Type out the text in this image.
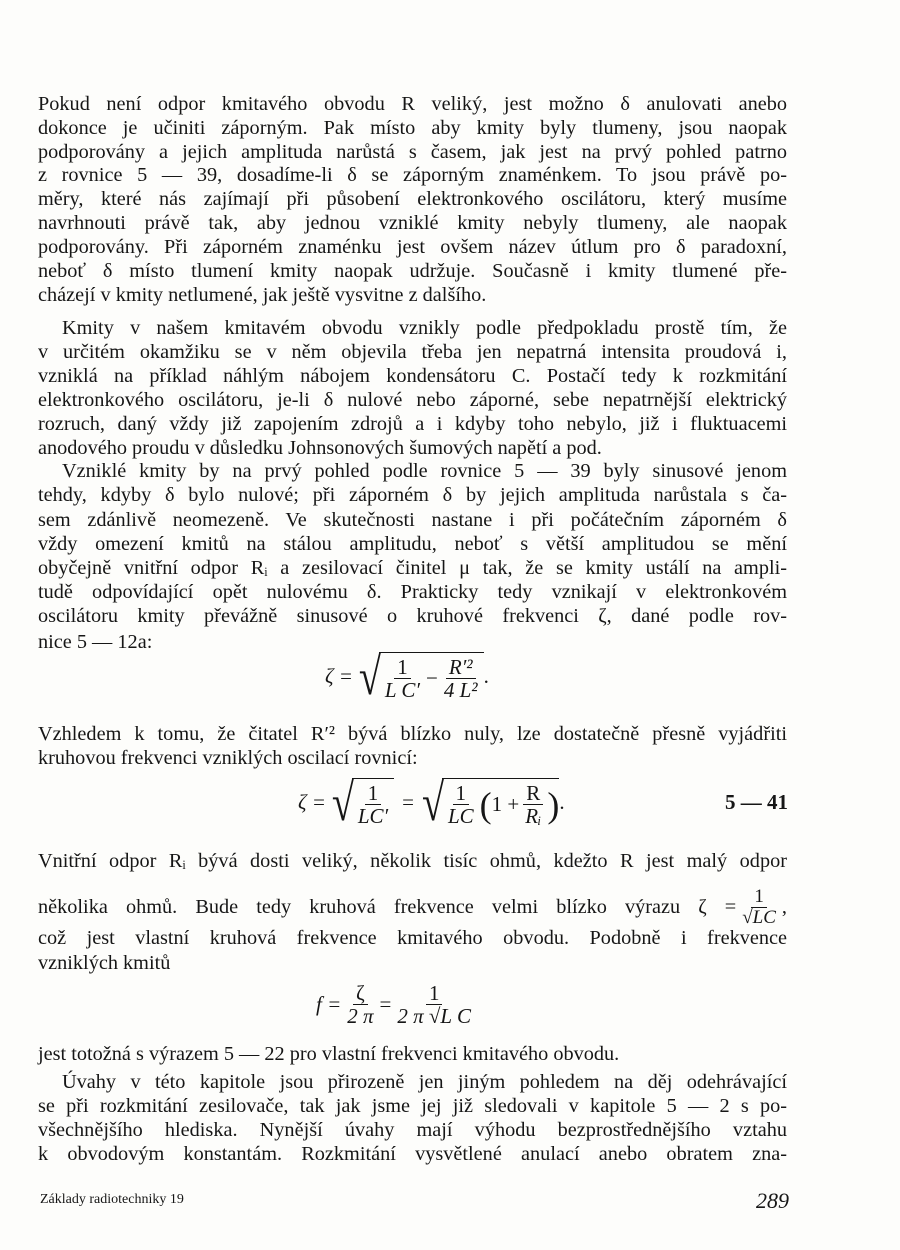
Pokud není odpor kmitavého obvodu R veliký, jest možno δ anulovati anebo
dokonce je učiniti záporným. Pak místo aby kmity byly tlumeny, jsou naopak
podporovány a jejich amplituda narůstá s časem, jak jest na prvý pohled patrno
z rovnice 5 — 39, dosadíme-li δ se záporným znaménkem. To jsou právě po-
měry, které nás zajímají při působení elektronkového oscilátoru, který musíme
navrhnouti právě tak, aby jednou vzniklé kmity nebyly tlumeny, ale naopak
podporovány. Při záporném znaménku jest ovšem název útlum pro δ paradoxní,
neboť δ místo tlumení kmity naopak udržuje. Současně i kmity tlumené pře-
cházejí v kmity netlumené, jak ještě vysvitne z dalšího.
Kmity v našem kmitavém obvodu vznikly podle předpokladu prostě tím, že
v určitém okamžiku se v něm objevila třeba jen nepatrná intensita proudová i,
vzniklá na příklad náhlým nábojem kondensátoru C. Postačí tedy k rozkmitání
elektronkového oscilátoru, je-li δ nulové nebo záporné, sebe nepatrnější elektrický
rozruch, daný vždy již zapojením zdrojů a i kdyby toho nebylo, již i fluktuacemi
anodového proudu v důsledku Johnsonových šumových napětí a pod.
Vzniklé kmity by na prvý pohled podle rovnice 5 — 39 byly sinusové jenom
tehdy, kdyby δ bylo nulové; při záporném δ by jejich amplituda narůstala s ča-
sem zdánlivě neomezeně. Ve skutečnosti nastane i při počátečním záporném δ
vždy omezení kmitů na stálou amplitudu, neboť s větší amplitudou se mění
obyčejně vnitřní odpor Rᵢ a zesilovací činitel μ tak, že se kmity ustálí na ampli-
tudě odpovídající opět nulovému δ. Prakticky tedy vznikají v elektronkovém
oscilátoru kmity převážně sinusové o kruhové frekvenci ζ, dané podle rov-
nice 5 — 12a:
Vzhledem k tomu, že čitatel R′² bývá blízko nuly, lze dostatečně přesně vyjádřiti
kruhovou frekvenci vzniklých oscilací rovnicí:
Vnitřní odpor Rᵢ bývá dosti veliký, několik tisíc ohmů, kdežto R jest malý odpor
což jest vlastní kruhová frekvence kmitavého obvodu. Podobně i frekvence
vzniklých kmitů
jest totožná s výrazem 5 — 22 pro vlastní frekvenci kmitavého obvodu.
Úvahy v této kapitole jsou přirozeně jen jiným pohledem na děj odehrávající
se při rozkmitání zesilovače, tak jak jsme jej již sledovali v kapitole 5 — 2 s po-
všechnějšího hlediska. Nynější úvahy mají výhodu bezprostřednějšího vztahu
k obvodovým konstantám. Rozkmitání vysvětlené anulací anebo obratem zna-
několika ohmů. Bude tedy kruhová frekvence velmi blízko výrazu $\zeta = \frac{1}{√LC}$ ,
ζ = √ $\frac{1}{\text{L C′}} - \frac{\text{R′²}}{\text{4 L²}}$ .
ζ = √ $\frac{1}{LC'}$ = √ $\frac{1}{LC}$ ( $1 + \frac{R}{\text{Rᵢ}}$ ) .	5 — 41
$f = \frac{\zeta}{2 \pi} = \frac{1}{\text{2 π √L C}}$
Základy radiotechniky 19	289
